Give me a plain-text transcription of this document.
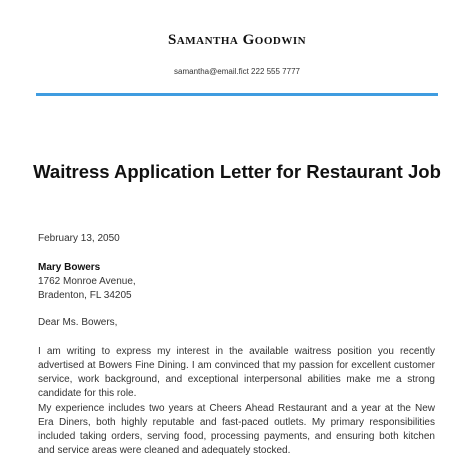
Samantha Goodwin
samantha@email.fict 222 555 7777
Waitress Application Letter for Restaurant Job
February 13, 2050
Mary Bowers
1762 Monroe Avenue,
Bradenton, FL 34205
Dear Ms. Bowers,
I am writing to express my interest in the available waitress position you recently advertised at Bowers Fine Dining. I am convinced that my passion for excellent customer service, work background, and exceptional interpersonal abilities make me a strong candidate for this role.
My experience includes two years at Cheers Ahead Restaurant and a year at the New Era Diners, both highly reputable and fast-paced outlets. My primary responsibilities included taking orders, serving food, processing payments, and ensuring both kitchen and service areas were cleaned and adequately stocked.
